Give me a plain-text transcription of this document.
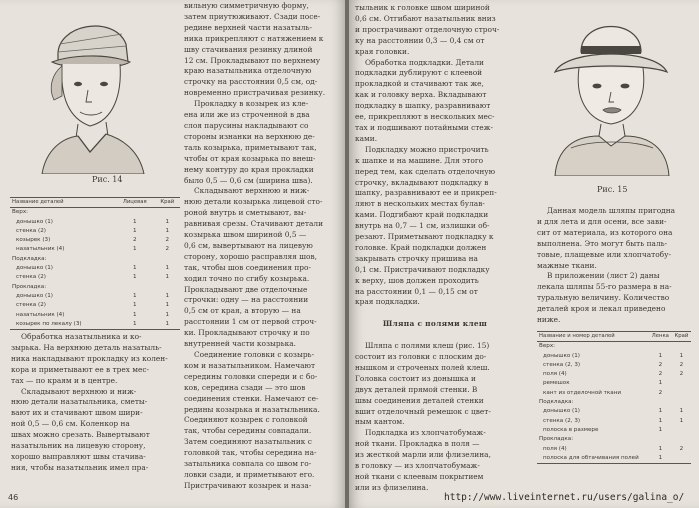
Рис. 14
Название деталей	Лицевая	Край
Верх:		
донышко (1)	1	1
стенка (2)	1	1
козырек (3)	2	2
назатыльник (4)	1	2
Подкладка:		
донышко (1)	1	1
стенка (2)	1	1
Прокладка:		
донышко (1)	1	1
стенка (2)	1	1
назатыльник (4)	1	1
козырек по лекалу (3)	1	1
Обработка назатыльника и ко-
зырька. На верхнюю деталь назатыль-
ника накладывают прокладку из колен-
кора и приметывают ее в трех мес-
тах — по краям и в центре.
Складывают верхнюю и ниж-
нюю детали назатыльника, сметы-
вают их и стачивают швом шири-
ной 0,5 — 0,6 см. Коленкор на
швах можно срезать. Вывертывают
назатыльник на лицевую сторону,
хорошо выправляют швы стачива-
ния, чтобы назатыльник имел пра-
вильную симметричную форму,
затем приутюживают. Сзади посе-
редине верхней части назатыль-
ника прикрепляют с натяжением к
шву стачивания резинку длиной
12 см. Прокладывают по верхнему
краю назатыльника отделочную
строчку на расстоянии 0,5 см, од-
новременно пристрачивая резинку.
Прокладку в козырек из кле-
ена или же из строченной в два
слоя парусины накладывают со
стороны изнанки на верхнюю де-
таль козырька, приметывают так,
чтобы от края козырька по внеш-
нему контуру до края прокладки
было 0,5 — 0,6 см (ширина шва).
Складывают верхнюю и ниж-
нюю детали козырька лицевой сто-
роной внутрь и сметывают, вы-
равнивая срезы. Стачивают детали
козырька швом шириной 0,5 —
0,6 см, вывертывают на лицевую
сторону, хорошо расправляя шов,
так, чтобы шов соединения про-
ходил точно по сгибу козырька.
Прокладывают две отделочные
строчки: одну — на расстоянии
0,5 см от края, а вторую — на
расстоянии 1 см от первой строч-
ки. Прокладывают строчку и по
внутренней части козырька.
Соединение головки с козырь-
ком и назатыльником. Намечают
середины головки спереди и с бо-
ков, середина сзади — это шов
соединения стенки. Намечают се-
редины козырька и назатыльника.
Соединяют козырек с головкой
так, чтобы середины совпадали.
Затем соединяют назатыльник с
головкой так, чтобы середина на-
затыльника совпала со швом го-
ловки сзади, и приметывают его.
Пристрачивают козырек и наза-
46
тыльник к головке швом шириной
0,6 см. Отгибают назатыльник вниз
и прострачивают отделочную строч-
ку на расстоянии 0,3 — 0,4 см от
края головки.
Обработка подкладки. Детали
подкладки дублируют с клеевой
прокладкой и стачивают так же,
как и головку верха. Вкладывают
подкладку в шапку, разравнивают
ее, прикрепляют в нескольких мес-
тах и подшивают потайными стеж-
ками.
Подкладку можно пристрочить
к шапке и на машине. Для этого
перед тем, как сделать отделочную
строчку, вкладывают подкладку в
шапку, разравнивают ее и прикреп-
ляют в нескольких местах булав-
ками. Подгибают край подкладки
внутрь на 0,7 — 1 см, излишки об-
резают. Приметывают подкладку к
головке. Край подкладки должен
закрывать строчку пришива на
0,1 см. Пристрачивают подкладку
к верху, шов должен проходить
на расстоянии 0,1 — 0,15 см от
края подкладки.
Шляпа с полями клеш
Шляпа с полями клеш (рис. 15)
состоит из головки с плоским до-
нышком и строченых полей клеш.
Головка состоит из донышка и
двух деталей прямой стенки. В
швы соединения деталей стенки
вшит отделочный ремешок с цвет-
ным кантом.
Подкладка из хлопчатобумаж-
ной ткани. Прокладка в поля —
из жесткой марли или флизелина,
в головку — из хлопчатобумаж-
ной ткани с клеевым покрытием
или из флизелина.
Рис. 15
Данная модель шляпы пригодна
и для лета и для осени, все зави-
сит от материала, из которого она
выполнена. Это могут быть паль-
товые, плащевые или хлопчатобу-
мажные ткани.
В приложении (лист 2) даны
лекала шляпы 55-го размера в на-
туральную величину. Количество
деталей кроя и лекал приведено
ниже.
Название и номер деталей	Ленка	Край
Верх:		
донышко (1)	1	1
стенка (2, 3)	2	2
поля (4)	2	2
ремешок	1	
кант из отделочной ткани	2	
Подкладка:		
донышко (1)	1	1
стенка (2, 3)	1	1
полоска в размере	1	
Прокладка:		
поля (4)	1	2
полоска для обтачивания полей	1	
http://www.liveinternet.ru/users/galina_o/
